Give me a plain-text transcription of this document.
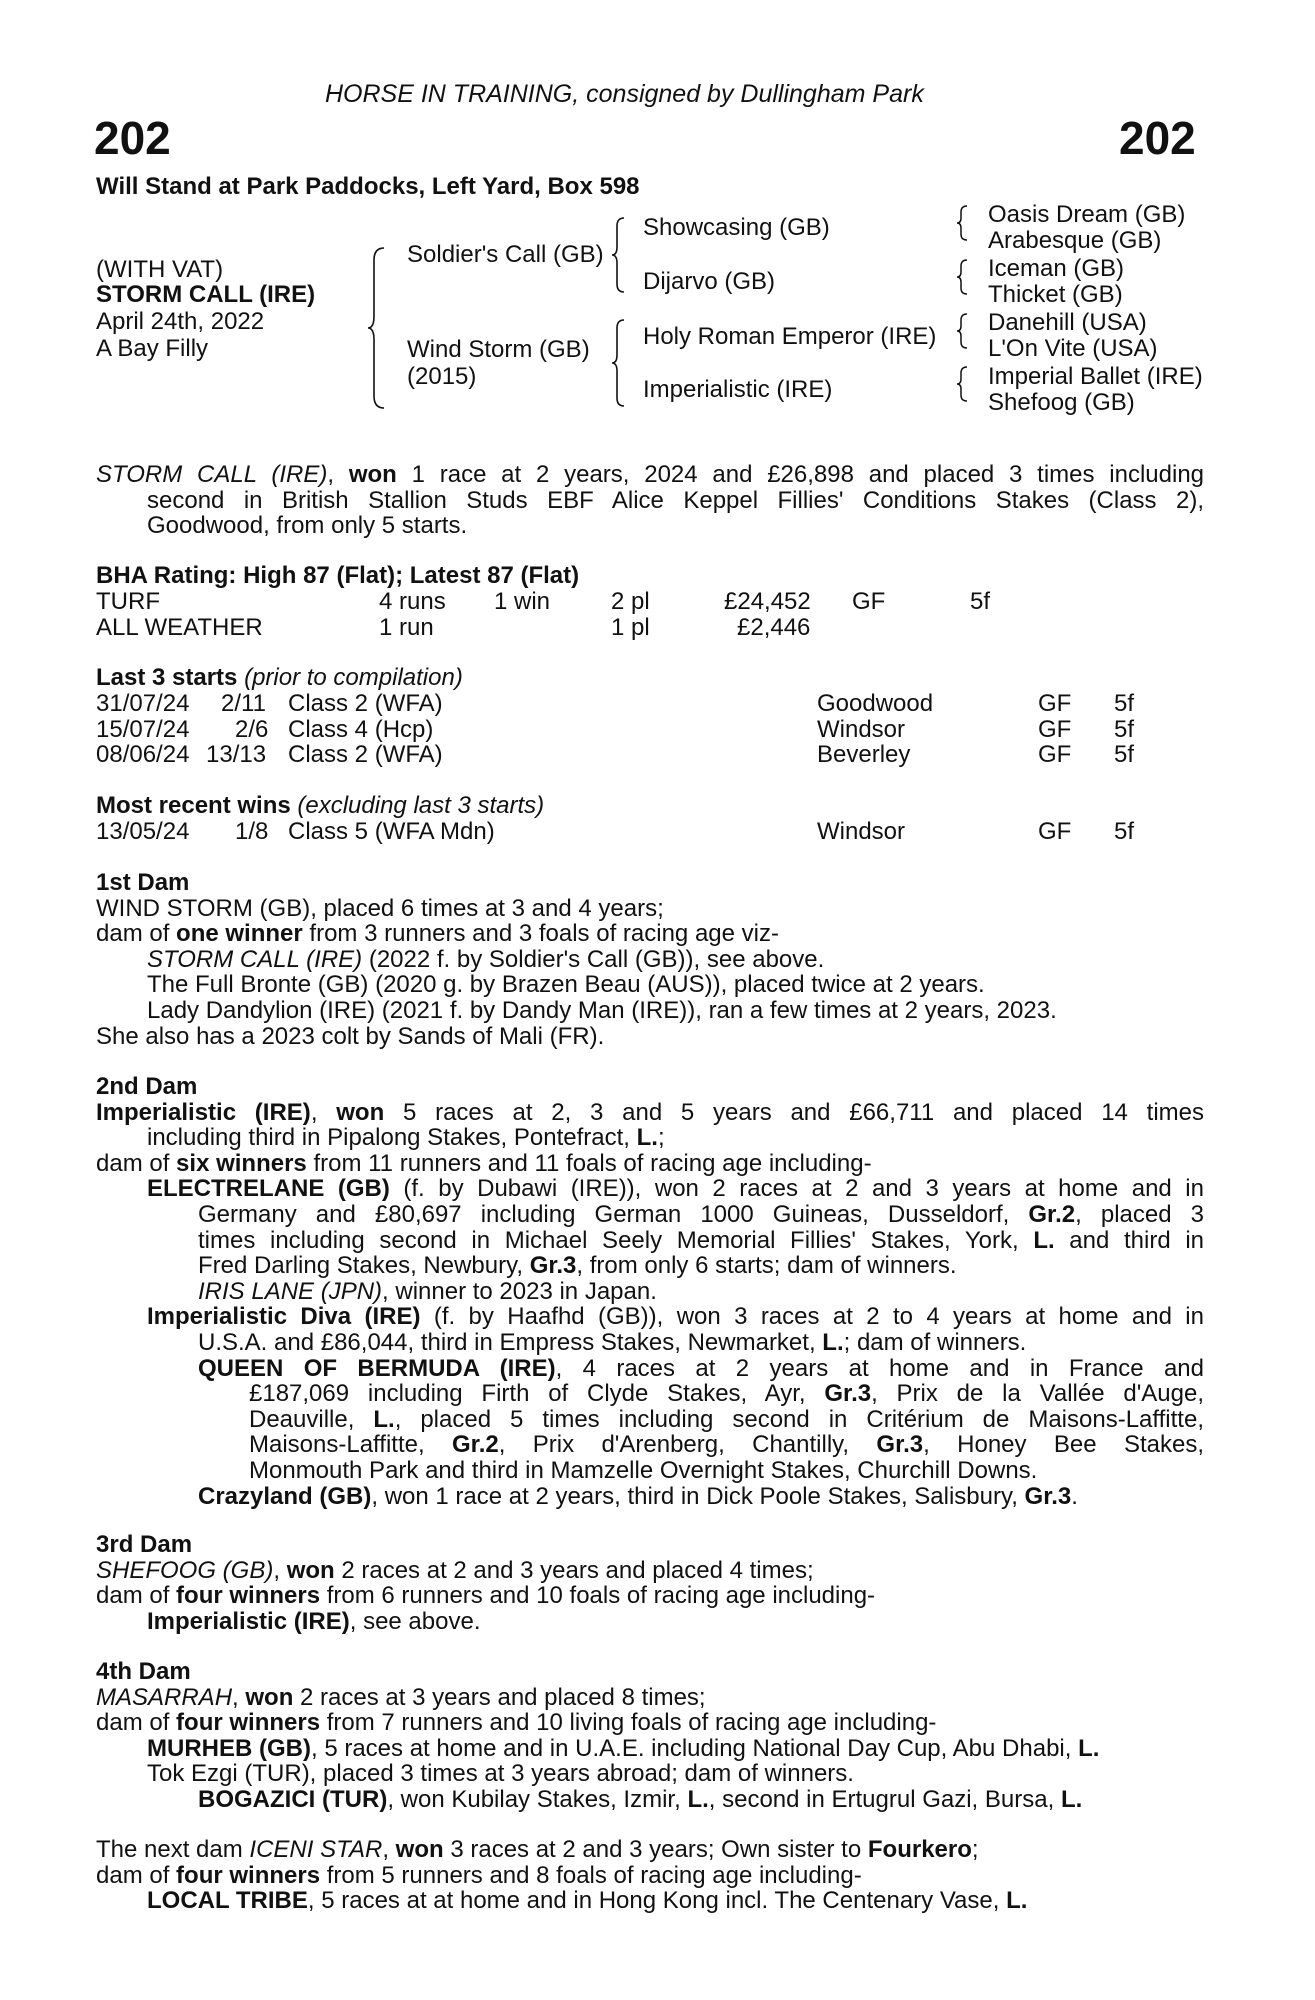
HORSE IN TRAINING, consigned by Dullingham Park
202	202
Will Stand at Park Paddocks, Left Yard, Box 598
(WITH VAT)
STORM CALL (IRE)
April 24th, 2022
A Bay Filly
Soldier's Call (GB)
Wind Storm (GB)
(2015)
Showcasing (GB)
Dijarvo (GB)
Holy Roman Emperor (IRE)
Imperialistic (IRE)
Oasis Dream (GB)
Arabesque (GB)
Iceman (GB)
Thicket (GB)
Danehill (USA)
L'On Vite (USA)
Imperial Ballet (IRE)
Shefoog (GB)
STORM CALL (IRE), won 1 race at 2 years, 2024 and £26,898 and placed 3 times including
second in British Stallion Studs EBF Alice Keppel Fillies' Conditions Stakes (Class 2),
Goodwood, from only 5 starts.
BHA Rating: High 87 (Flat); Latest 87 (Flat)
TURF	4 runs 1 win	2 pl	£24,452 GF	5f
ALL WEATHER	1 run	1 pl	£2,446
Last 3 starts (prior to compilation)
31/07/24 2/11 Class 2 (WFA)	Goodwood	GF 5f
15/07/24 2/6 Class 4 (Hcp)	Windsor	GF 5f
08/06/24 13/13 Class 2 (WFA)	Beverley	GF 5f
Most recent wins (excluding last 3 starts)
13/05/24 1/8 Class 5 (WFA Mdn)	Windsor	GF 5f
1st Dam
WIND STORM (GB), placed 6 times at 3 and 4 years;
dam of one winner from 3 runners and 3 foals of racing age viz-
STORM CALL (IRE) (2022 f. by Soldier's Call (GB)), see above.
The Full Bronte (GB) (2020 g. by Brazen Beau (AUS)), placed twice at 2 years.
Lady Dandylion (IRE) (2021 f. by Dandy Man (IRE)), ran a few times at 2 years, 2023.
She also has a 2023 colt by Sands of Mali (FR).
2nd Dam
Imperialistic (IRE), won 5 races at 2, 3 and 5 years and £66,711 and placed 14 times
including third in Pipalong Stakes, Pontefract, L.;
dam of six winners from 11 runners and 11 foals of racing age including-
ELECTRELANE (GB) (f. by Dubawi (IRE)), won 2 races at 2 and 3 years at home and in
Germany and £80,697 including German 1000 Guineas, Dusseldorf, Gr.2, placed 3
times including second in Michael Seely Memorial Fillies' Stakes, York, L. and third in
Fred Darling Stakes, Newbury, Gr.3, from only 6 starts; dam of winners.
IRIS LANE (JPN), winner to 2023 in Japan.
Imperialistic Diva (IRE) (f. by Haafhd (GB)), won 3 races at 2 to 4 years at home and in
U.S.A. and £86,044, third in Empress Stakes, Newmarket, L.; dam of winners.
QUEEN OF BERMUDA (IRE), 4 races at 2 years at home and in France and
£187,069 including Firth of Clyde Stakes, Ayr, Gr.3, Prix de la Vallée d'Auge,
Deauville, L., placed 5 times including second in Critérium de Maisons-Laffitte,
Maisons-Laffitte, Gr.2, Prix d'Arenberg, Chantilly, Gr.3, Honey Bee Stakes,
Monmouth Park and third in Mamzelle Overnight Stakes, Churchill Downs.
Crazyland (GB), won 1 race at 2 years, third in Dick Poole Stakes, Salisbury, Gr.3.
3rd Dam
SHEFOOG (GB), won 2 races at 2 and 3 years and placed 4 times;
dam of four winners from 6 runners and 10 foals of racing age including-
Imperialistic (IRE), see above.
4th Dam
MASARRAH, won 2 races at 3 years and placed 8 times;
dam of four winners from 7 runners and 10 living foals of racing age including-
MURHEB (GB), 5 races at home and in U.A.E. including National Day Cup, Abu Dhabi, L.
Tok Ezgi (TUR), placed 3 times at 3 years abroad; dam of winners.
BOGAZICI (TUR), won Kubilay Stakes, Izmir, L., second in Ertugrul Gazi, Bursa, L.
The next dam ICENI STAR, won 3 races at 2 and 3 years; Own sister to Fourkero;
dam of four winners from 5 runners and 8 foals of racing age including-
LOCAL TRIBE, 5 races at at home and in Hong Kong incl. The Centenary Vase, L.
